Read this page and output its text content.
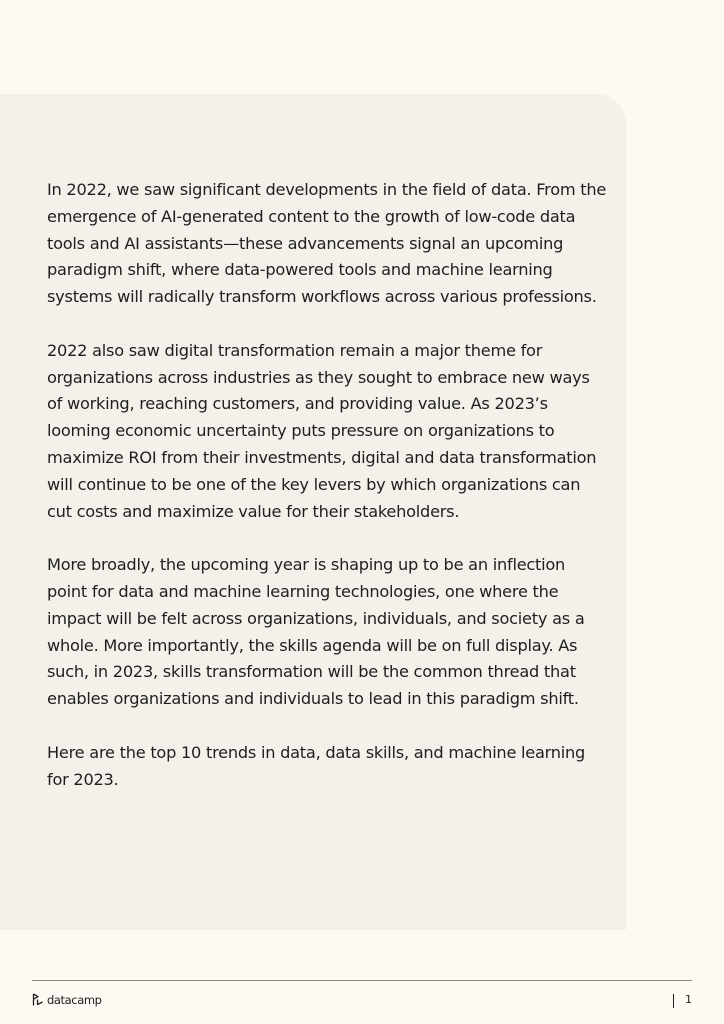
In 2022, we saw significant developments in the field of data. From the emergence of AI-generated content to the growth of low-code data tools and AI assistants—these advancements signal an upcoming paradigm shift, where data-powered tools and machine learning systems will radically transform workflows across various professions.

2022 also saw digital transformation remain a major theme for organizations across industries as they sought to embrace new ways of working, reaching customers, and providing value. As 2023’s looming economic uncertainty puts pressure on organizations to maximize ROI from their investments, digital and data transformation will continue to be one of the key levers by which organizations can cut costs and maximize value for their stakeholders.

More broadly, the upcoming year is shaping up to be an inflection point for data and machine learning technologies, one where the impact will be felt across organizations, individuals, and society as a whole. More importantly, the skills agenda will be on full display. As such, in 2023, skills transformation will be the common thread that enables organizations and individuals to lead in this paradigm shift.

Here are the top 10 trends in data, data skills, and machine learning for 2023.

datacamp	1
